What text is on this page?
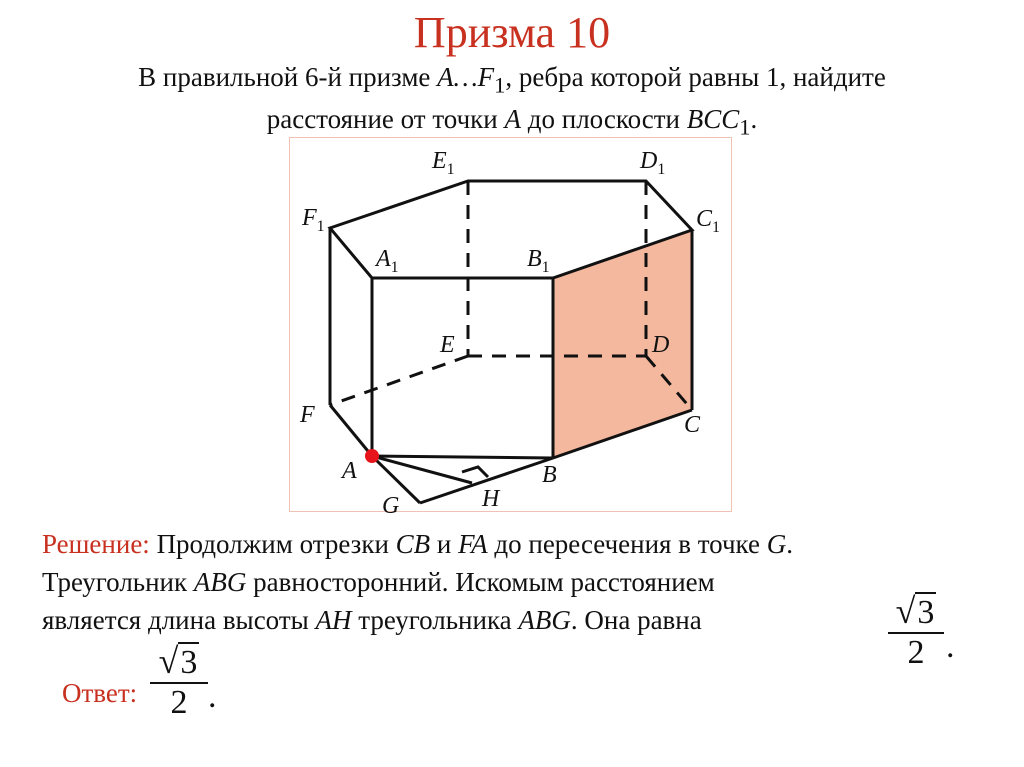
Призма 10
В правильной 6-й призме $A\dots F_1$, ребра которой равны 1, найдите
расстояние от точки A до плоскости $BCC_1$.
$E_1$	$D_1$
$F_1$	$C_1$
$A_1$	$B_1$
E	D
F	C
A	B
G	H
Решение: Продолжим отрезки CB и FA до пересечения в точке G.
Треугольник ABG равносторонний. Искомым расстоянием
является длина высоты AH треугольника ABG. Она равна	√3
2 .
Ответ:
√3
2 .
